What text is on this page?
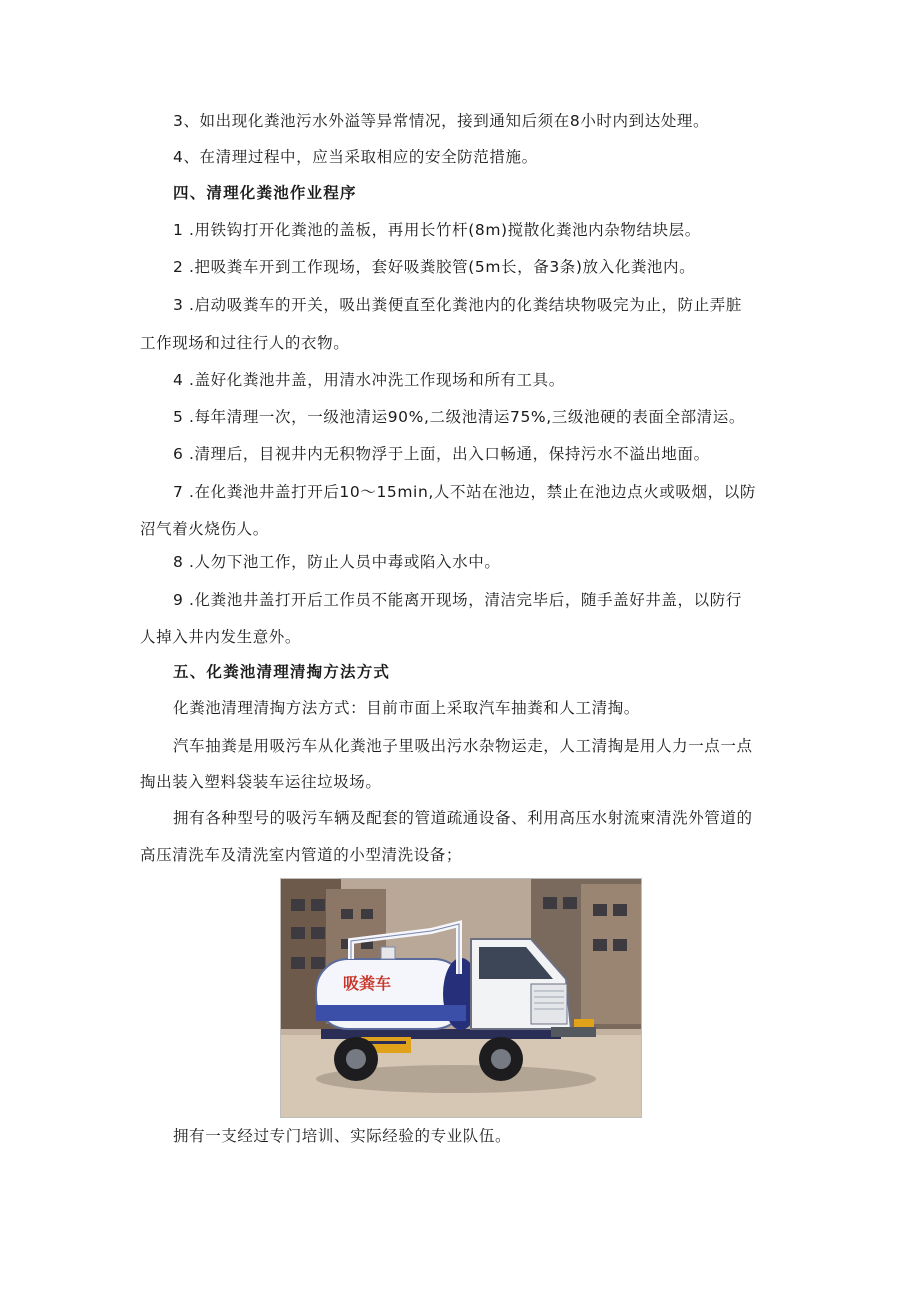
3、如出现化粪池污水外溢等异常情况，接到通知后须在8小时内到达处理。
4、在清理过程中，应当采取相应的安全防范措施。
四、清理化粪池作业程序
1 .用铁钩打开化粪池的盖板，再用长竹杆(8m)搅散化粪池内杂物结块层。
2 .把吸粪车开到工作现场，套好吸粪胶管(5m长，备3条)放入化粪池内。
3 .启动吸粪车的开关，吸出粪便直至化粪池内的化粪结块物吸完为止，防止弄脏
工作现场和过往行人的衣物。
4 .盖好化粪池井盖，用清水冲洗工作现场和所有工具。
5 .每年清理一次，一级池清运90%,二级池清运75%,三级池硬的表面全部清运。
6 .清理后，目视井内无积物浮于上面，出入口畅通，保持污水不溢出地面。
7 .在化粪池井盖打开后10〜15min,人不站在池边，禁止在池边点火或吸烟，以防
沼气着火烧伤人。
8 .人勿下池工作，防止人员中毒或陷入水中。
9 .化粪池井盖打开后工作员不能离开现场，清洁完毕后，随手盖好井盖，以防行
人掉入井内发生意外。
五、化粪池清理清掏方法方式
化粪池清理清掏方法方式：目前市面上采取汽车抽粪和人工清掏。
汽车抽粪是用吸污车从化粪池子里吸出污水杂物运走，人工清掏是用人力一点一点
掏出装入塑料袋装车运往垃圾场。
拥有各种型号的吸污车辆及配套的管道疏通设备、利用高压水射流柬清洗外管道的
高压清洗车及清洗室内管道的小型清洗设备；
吸粪车
拥有一支经过专门培训、实际经验的专业队伍。
